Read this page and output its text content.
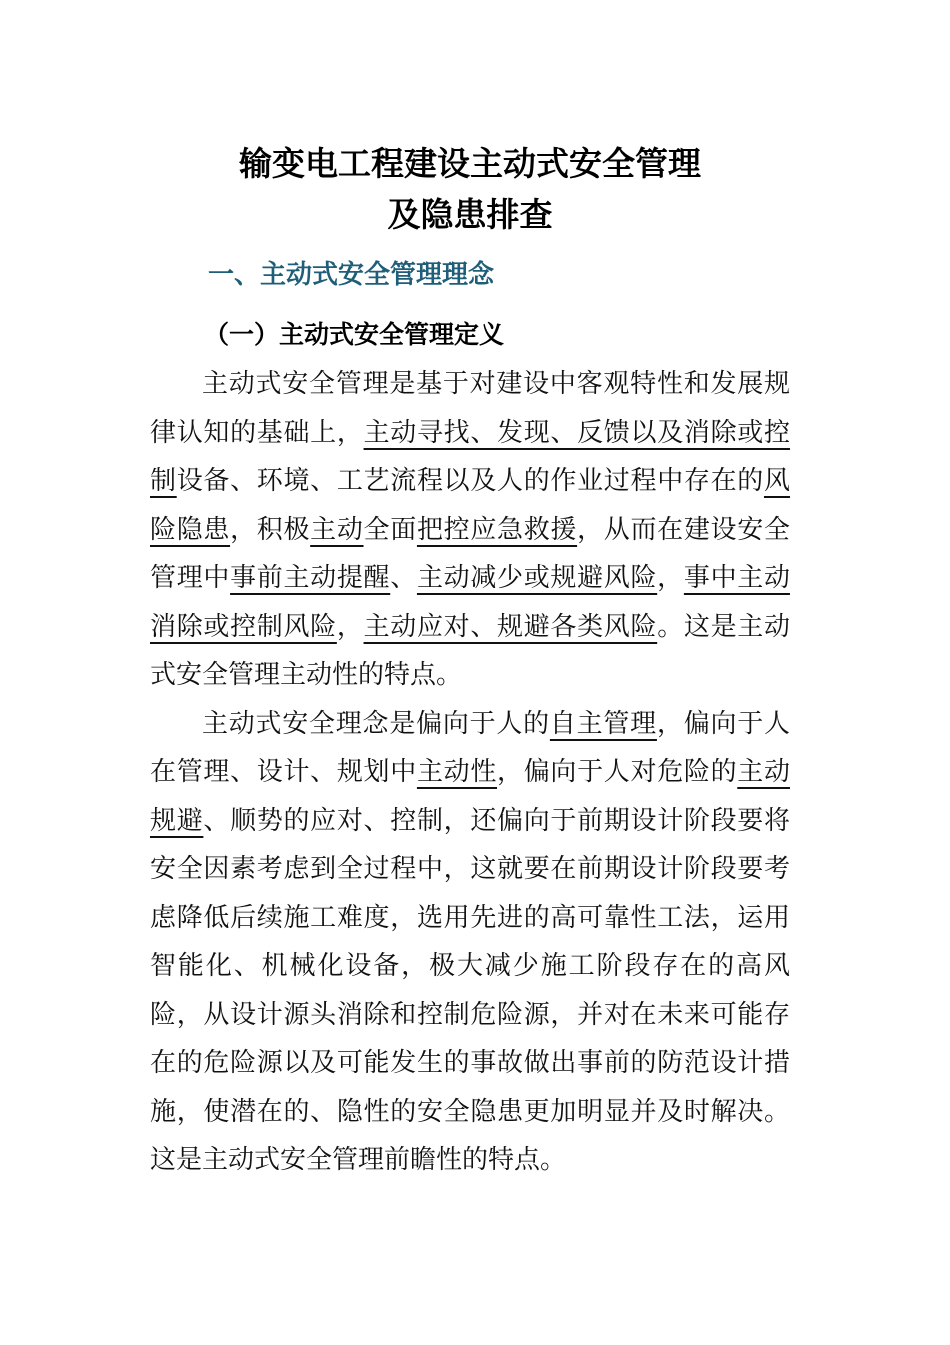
输变电工程建设主动式安全管理
及隐患排查
一、主动式安全管理理念
（一）主动式安全管理定义

主动式安全管理是基于对建设中客观特性和发展规律认知的基础上，主动寻找、发现、反馈以及消除或控制设备、环境、工艺流程以及人的作业过程中存在的风险隐患，积极主动全面把控应急救援，从而在建设安全管理中事前主动提醒、主动减少或规避风险，事中主动消除或控制风险，主动应对、规避各类风险。这是主动式安全管理主动性的特点。

主动式安全理念是偏向于人的自主管理，偏向于人在管理、设计、规划中主动性，偏向于人对危险的主动规避、顺势的应对、控制，还偏向于前期设计阶段要将安全因素考虑到全过程中，这就要在前期设计阶段要考虑降低后续施工难度，选用先进的高可靠性工法，运用智能化、机械化设备，极大减少施工阶段存在的高风险，从设计源头消除和控制危险源，并对在未来可能存在的危险源以及可能发生的事故做出事前的防范设计措施，使潜在的、隐性的安全隐患更加明显并及时解决。这是主动式安全管理前瞻性的特点。
